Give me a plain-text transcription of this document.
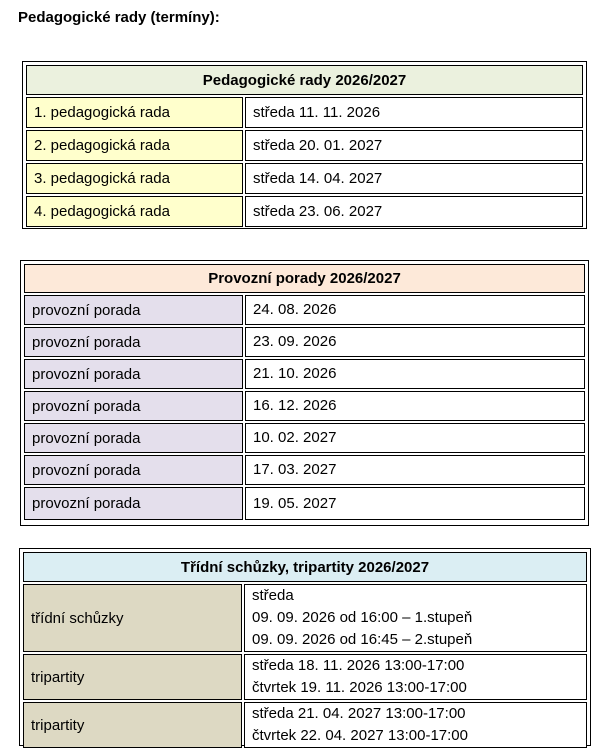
Pedagogické rady (termíny):
Pedagogické rady 2026/2027	
1. pedagogická rada	středa 11. 11. 2026
2. pedagogická rada	středa 20. 01. 2027
3. pedagogická rada	středa 14. 04. 2027
4. pedagogická rada	středa 23. 06. 2027
Provozní porady 2026/2027	
provozní porada	24. 08. 2026
provozní porada	23. 09. 2026
provozní porada	21. 10. 2026
provozní porada	16. 12. 2026
provozní porada	10. 02. 2027
provozní porada	17. 03. 2027
provozní porada	19. 05. 2027
Třídní schůzky, tripartity 2026/2027	
třídní schůzky	středa
09. 09. 2026 od 16:00 – 1.stupeň
09. 09. 2026 od 16:45 – 2.stupeň

tripartity	středa 18. 11. 2026 13:00-17:00
čtvrtek 19. 11. 2026 13:00-17:00

tripartity	středa 21. 04. 2027 13:00-17:00
čtvrtek 22. 04. 2027 13:00-17:00
